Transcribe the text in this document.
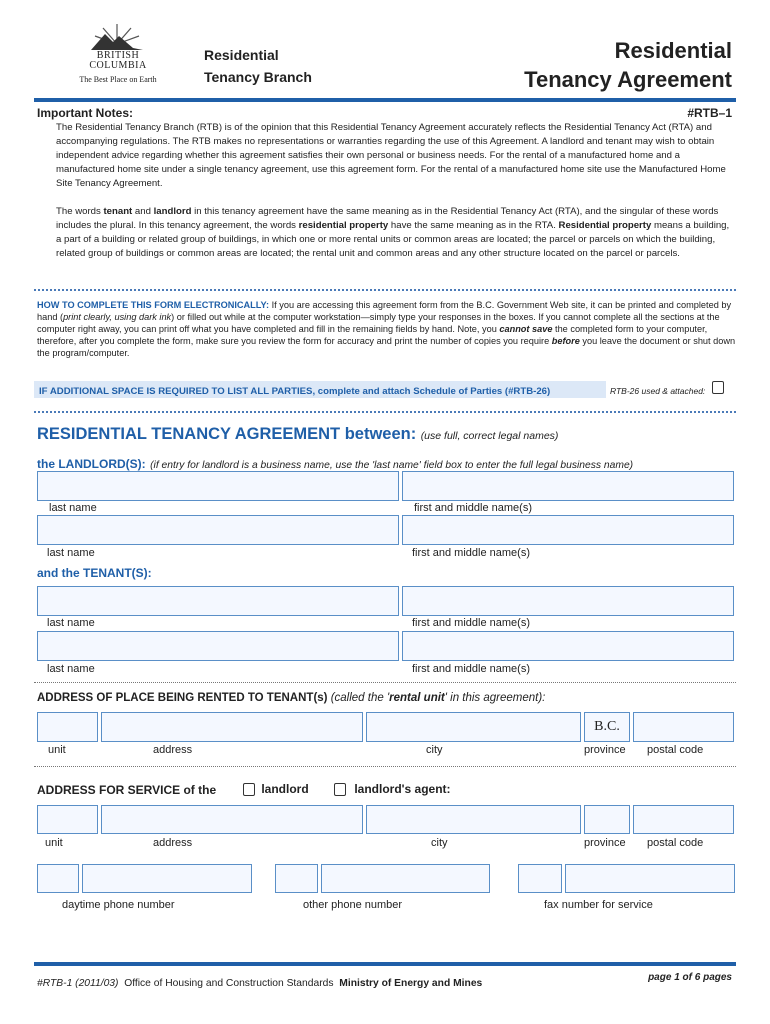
BRITISH
COLUMBIA
The Best Place on Earth
Residential
Tenancy Branch
Residential
Tenancy Agreement
Important Notes:	#RTB–1

The Residential Tenancy Branch (RTB) is of the opinion that this Residential Tenancy Agreement accurately reflects the Residential Tenancy Act (RTA) and accompanying regulations. The RTB makes no representations or warranties regarding the use of this Agreement. A landlord and tenant may wish to obtain independent advice regarding whether this agreement satisfies their own personal or business needs. For the rental of a manufactured home and a manufactured home site under a single tenancy agreement, use this agreement form. For the rental of a manufactured home site use the Manufactured Home Site Tenancy Agreement.

The words tenant and landlord in this tenancy agreement have the same meaning as in the Residential Tenancy Act (RTA), and the singular of these words includes the plural. In this tenancy agreement, the words residential property have the same meaning as in the RTA. Residential property means a building, a part of a building or related group of buildings, in which one or more rental units or common areas are located; the parcel or parcels on which the building, related group of buildings or common areas are located; the rental unit and common areas and any other structure located on the parcel or parcels.

HOW TO COMPLETE THIS FORM ELECTRONICALLY: If you are accessing this agreement form from the B.C. Government Web site, it can be printed and completed by hand (print clearly, using dark ink) or filled out while at the computer workstation—simply type your responses in the boxes. If you cannot complete all the sections at the computer right away, you can print off what you have completed and fill in the remaining fields by hand. Note, you cannot save the completed form to your computer, therefore, after you complete the form, make sure you review the form for accuracy and print the number of copies you require before you leave the document or shut down the program/computer.

IF ADDITIONAL SPACE IS REQUIRED TO LIST ALL PARTIES, complete and attach Schedule of Parties (#RTB-26)	RTB-26 used & attached:
RESIDENTIAL TENANCY AGREEMENT between: (use full, correct legal names)
the LANDLORD(S): (if entry for landlord is a business name, use the 'last name' field box to enter the full legal business name)
last name	first and middle name(s)
last name	first and middle name(s)
and the TENANT(S):
last name	first and middle name(s)
last name	first and middle name(s)
ADDRESS OF PLACE BEING RENTED TO TENANT(s) (called the 'rental unit' in this agreement):
B.C.
unit	address	city	province postal code
ADDRESS FOR SERVICE of the	landlord	landlord's agent:
unit	address	city	province postal code
daytime phone number	other phone number	fax number for service
#RTB-1 (2011/03) Office of Housing and Construction Standards Ministry of Energy and Mines
page 1 of 6 pages
